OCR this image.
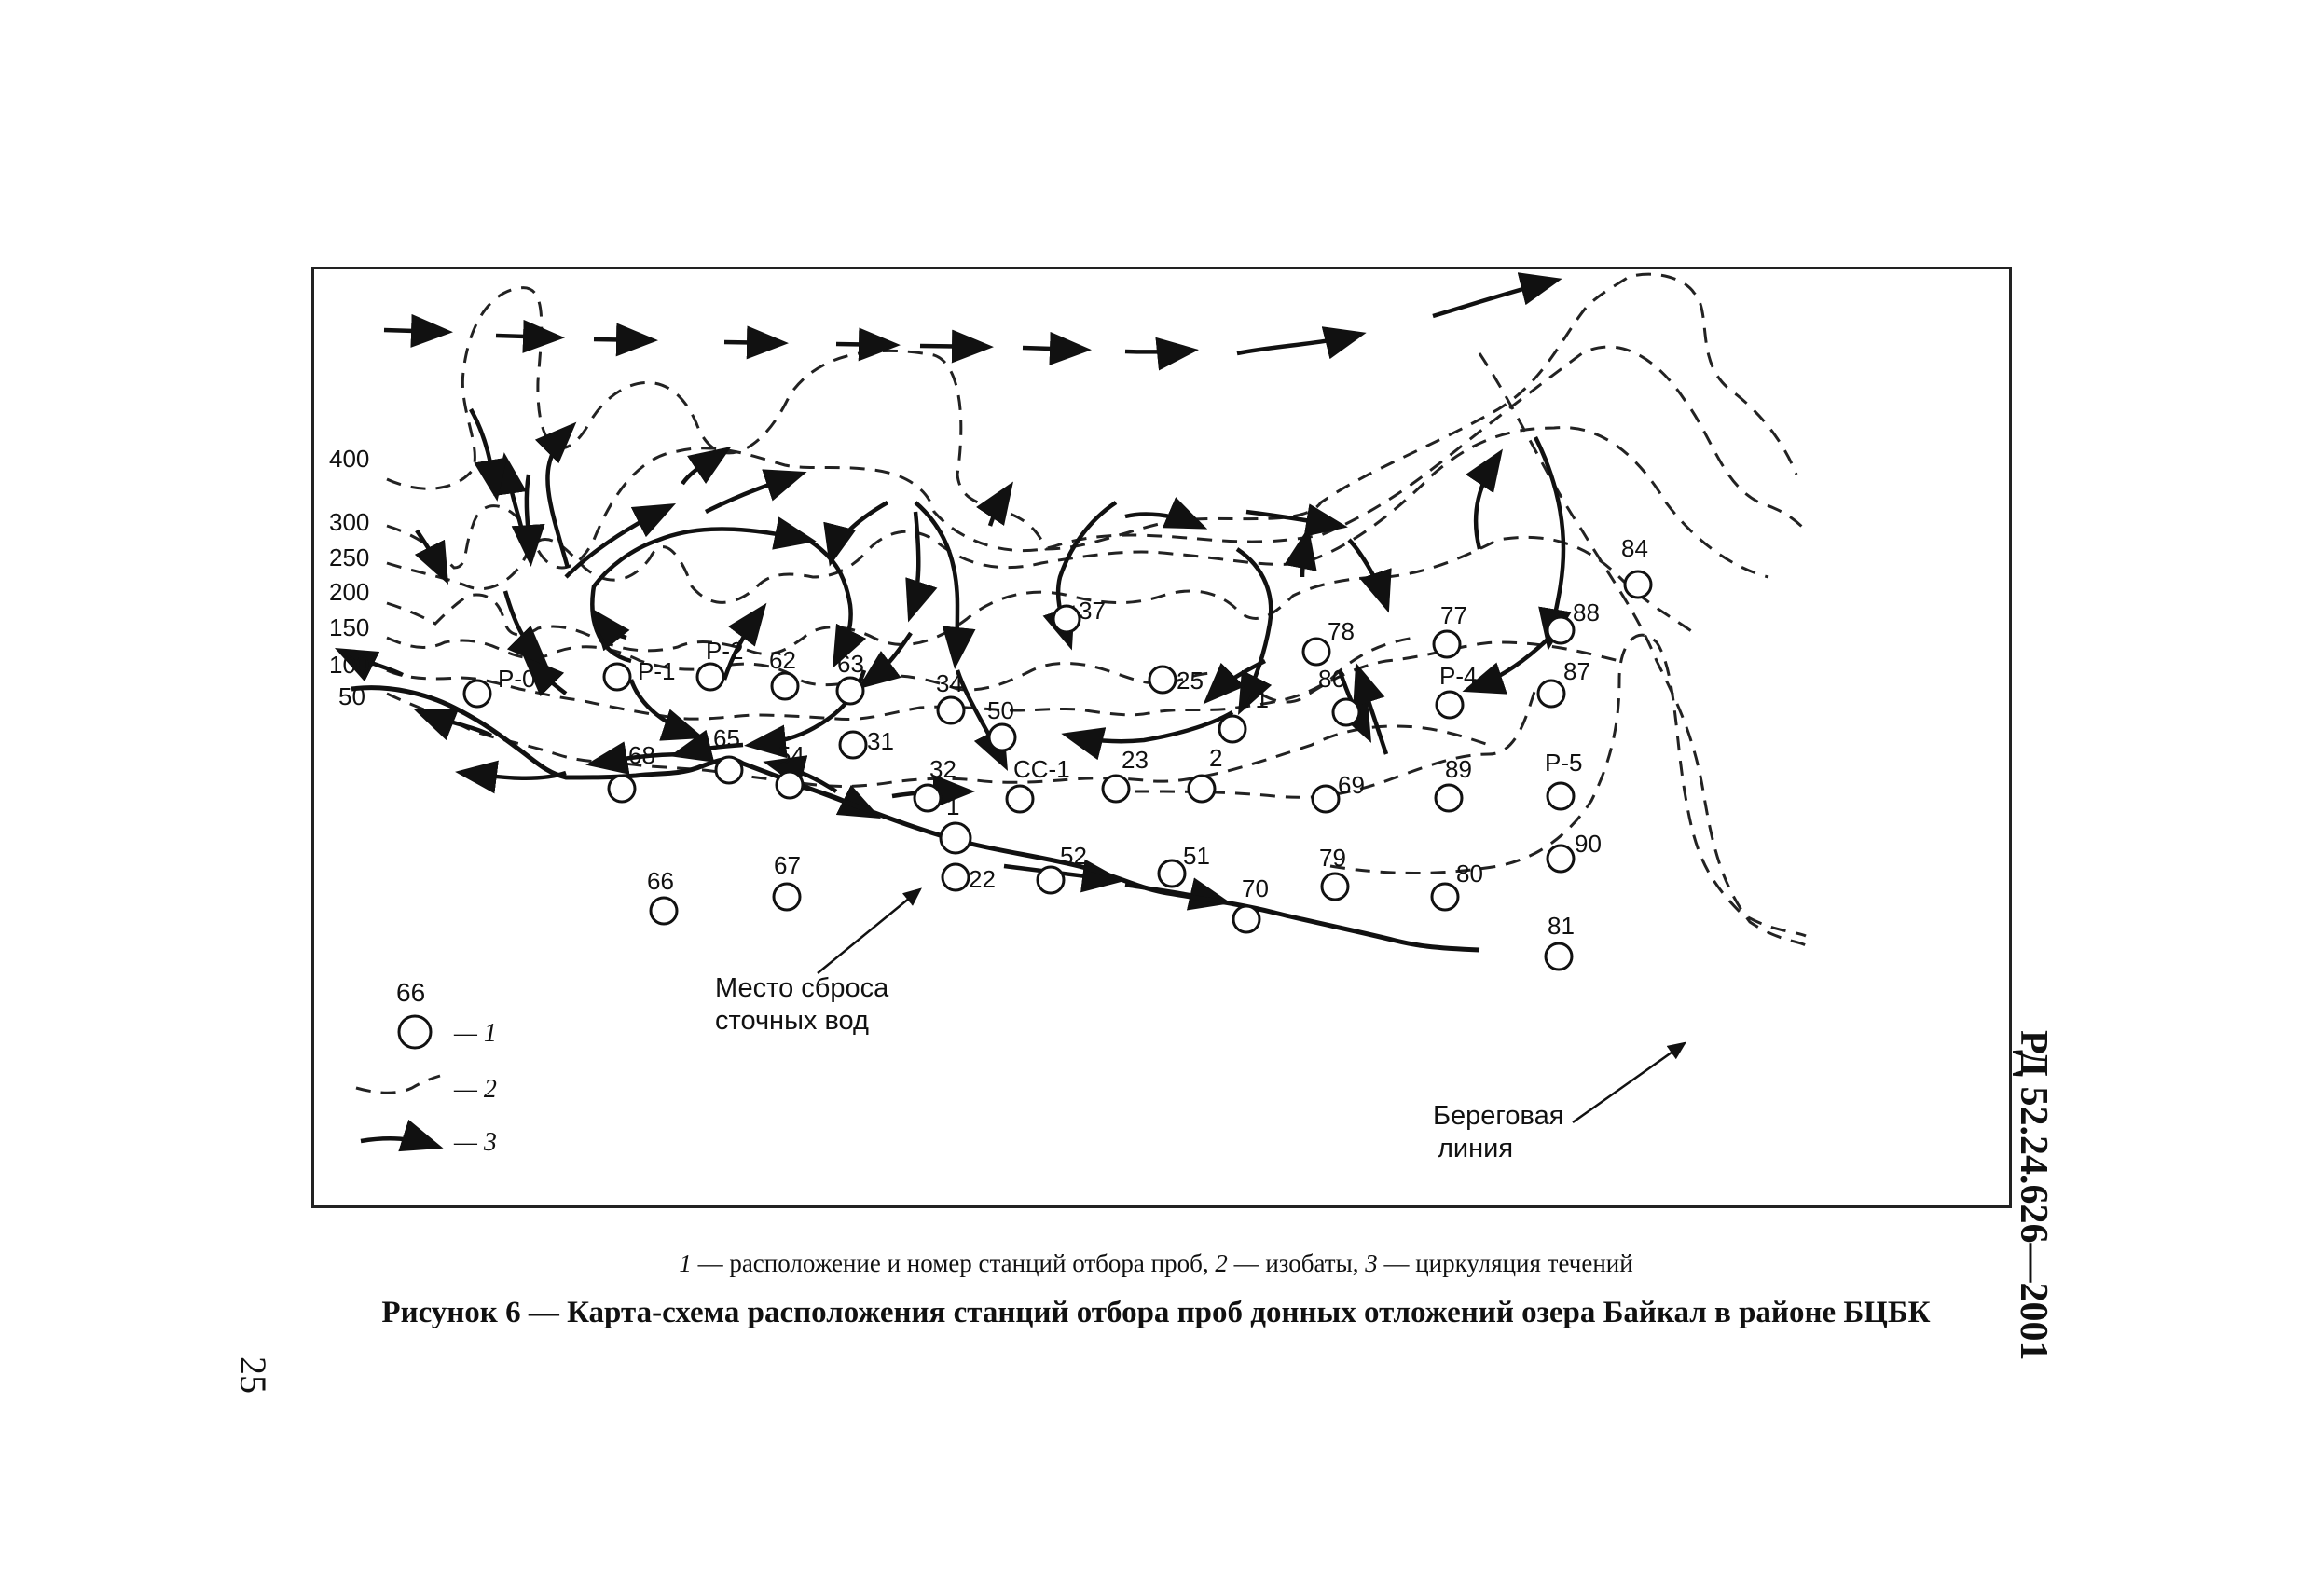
400
300
250
200
150
100
50
Р-0	Р-1
Р-2 62 63
34
50
37
25
71
78
86
77
Р-4
88
87
84
68
65
54	31
32 СС-1 23	2
1
69
89	Р-5
90
80
79
67
66	22
52	51
70
81
Место сброса
сточных вод
Береговая
линия
66
— 1
— 2
— 3
1 — расположение и номер станций отбора проб, 2 — изобаты, 3 — циркуляция течений
Рисунок 6 — Карта-схема расположения станций отбора проб донных отложений озера Байкал в районе БЦБК	РД 52.24.626—2001
25
